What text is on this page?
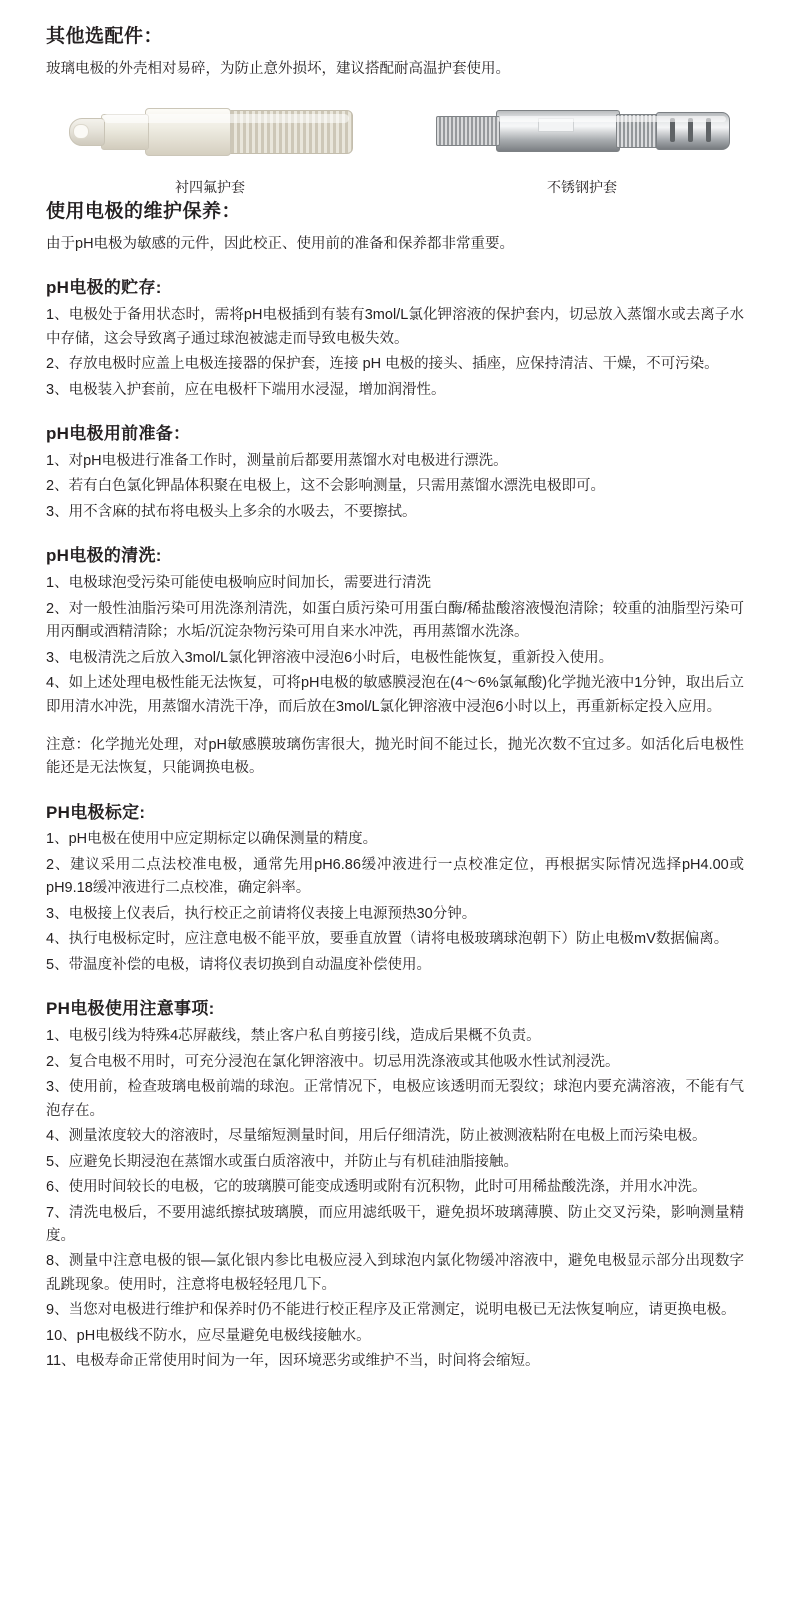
其他选配件：

玻璃电极的外壳相对易碎，为防止意外损坏，建议搭配耐高温护套使用。

衬四氟护套	不锈钢护套
使用电极的维护保养：

由于pH电极为敏感的元件，因此校正、使用前的准备和保养都非常重要。

pH电极的贮存:

1、电极处于备用状态时，需将pH电极插到有装有3mol/L氯化钾溶液的保护套内，切忌放入蒸馏水或去离子水中存储，这会导致离子通过球泡被滤走而导致电极失效。

2、存放电极时应盖上电极连接器的保护套，连接 pH 电极的接头、插座，应保持清洁、干燥，不可污染。

3、电极装入护套前，应在电极杆下端用水浸湿，增加润滑性。

pH电极用前准备：

1、对pH电极进行准备工作时，测量前后都要用蒸馏水对电极进行漂洗。

2、若有白色氯化钾晶体积聚在电极上，这不会影响测量，只需用蒸馏水漂洗电极即可。

3、用不含麻的拭布将电极头上多余的水吸去，不要擦拭。

pH电极的清洗:

1、电极球泡受污染可能使电极响应时间加长，需要进行清洗

2、对一般性油脂污染可用洗涤剂清洗，如蛋白质污染可用蛋白酶/稀盐酸溶液慢泡清除；较重的油脂型污染可用丙酮或酒精清除；水垢/沉淀杂物污染可用自来水冲洗，再用蒸馏水洗涤。

3、电极清洗之后放入3mol/L氯化钾溶液中浸泡6小时后，电极性能恢复，重新投入使用。

4、如上述处理电极性能无法恢复，可将pH电极的敏感膜浸泡在(4～6%氯氟酸)化学抛光液中1分钟，取出后立即用清水冲洗，用蒸馏水清洗干净，而后放在3mol/L氯化钾溶液中浸泡6小时以上，再重新标定投入应用。

注意：化学抛光处理，对pH敏感膜玻璃伤害很大，抛光时间不能过长，抛光次数不宜过多。如活化后电极性能还是无法恢复，只能调换电极。

PH电极标定:

1、pH电极在使用中应定期标定以确保测量的精度。

2、建议采用二点法校准电极，通常先用pH6.86缓冲液进行一点校准定位，再根据实际情况选择pH4.00或pH9.18缓冲液进行二点校准，确定斜率。

3、电极接上仪表后，执行校正之前请将仪表接上电源预热30分钟。

4、执行电极标定时，应注意电极不能平放，要垂直放置（请将电极玻璃球泡朝下）防止电极mV数据偏离。

5、带温度补偿的电极，请将仪表切换到自动温度补偿使用。

PH电极使用注意事项:

1、电极引线为特殊4芯屏蔽线，禁止客户私自剪接引线，造成后果概不负责。

2、复合电极不用时，可充分浸泡在氯化钾溶液中。切忌用洗涤液或其他吸水性试剂浸洗。

3、使用前，检查玻璃电极前端的球泡。正常情况下，电极应该透明而无裂纹；球泡内要充满溶液，不能有气泡存在。

4、测量浓度较大的溶液时，尽量缩短测量时间，用后仔细清洗，防止被测液粘附在电极上而污染电极。

5、应避免长期浸泡在蒸馏水或蛋白质溶液中，并防止与有机硅油脂接触。

6、使用时间较长的电极，它的玻璃膜可能变成透明或附有沉积物，此时可用稀盐酸洗涤，并用水冲洗。

7、清洗电极后，不要用滤纸擦拭玻璃膜，而应用滤纸吸干，避免损坏玻璃薄膜、防止交叉污染，影响测量精度。

8、测量中注意电极的银—氯化银内参比电极应浸入到球泡内氯化物缓冲溶液中，避免电极显示部分出现数字乱跳现象。使用时，注意将电极轻轻甩几下。

9、当您对电极进行维护和保养时仍不能进行校正程序及正常测定，说明电极已无法恢复响应，请更换电极。

10、pH电极线不防水，应尽量避免电极线接触水。

11、电极寿命正常使用时间为一年，因环境恶劣或维护不当，时间将会缩短。
